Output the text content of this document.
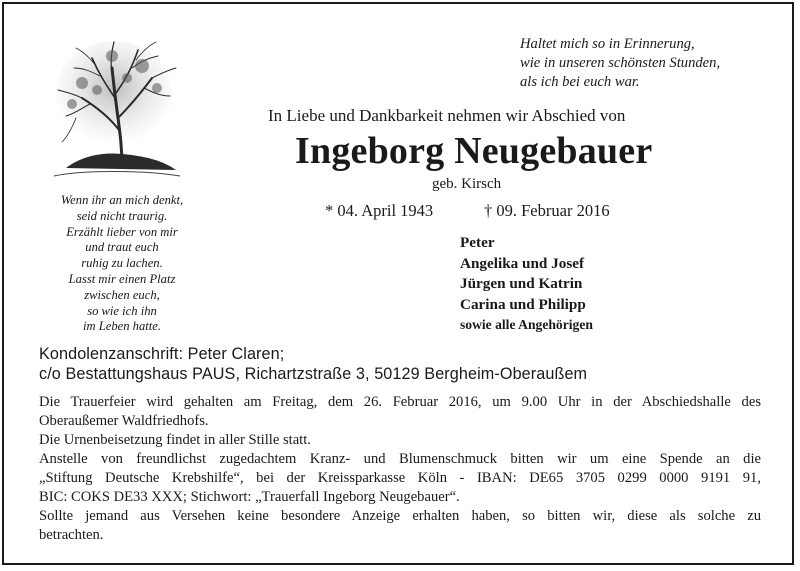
Wenn ihr an mich denkt,
seid nicht traurig.
Erzählt lieber von mir
und traut euch
ruhig zu lachen.
Lasst mir einen Platz
zwischen euch,
so wie ich ihn
im Leben hatte.
Haltet mich so in Erinnerung,
wie in unseren schönsten Stunden,
als ich bei euch war.
In Liebe und Dankbarkeit nehmen wir Abschied von
Ingeborg Neugebauer
geb. Kirsch
* 04. April 1943	† 09. Februar 2016
Peter
Angelika und Josef
Jürgen und Katrin
Carina und Philipp
sowie alle Angehörigen
Kondolenzanschrift: Peter Claren;
c/o Bestattungshaus PAUS, Richartzstraße 3, 50129 Bergheim-Oberaußem

Die Trauerfeier wird gehalten am Freitag, dem 26. Februar 2016, um 9.00 Uhr in der Abschiedshalle des

Oberaußemer Waldfriedhofs.

Die Urnenbeisetzung findet in aller Stille statt.

Anstelle von freundlichst zugedachtem Kranz- und Blumenschmuck bitten wir um eine Spende an die

„Stiftung Deutsche Krebshilfe“, bei der Kreissparkasse Köln - IBAN: DE65 3705 0299 0000 9191 91,

BIC: COKS DE33 XXX; Stichwort: „Trauerfall Ingeborg Neugebauer“.

Sollte jemand aus Versehen keine besondere Anzeige erhalten haben, so bitten wir, diese als solche zu

betrachten.
